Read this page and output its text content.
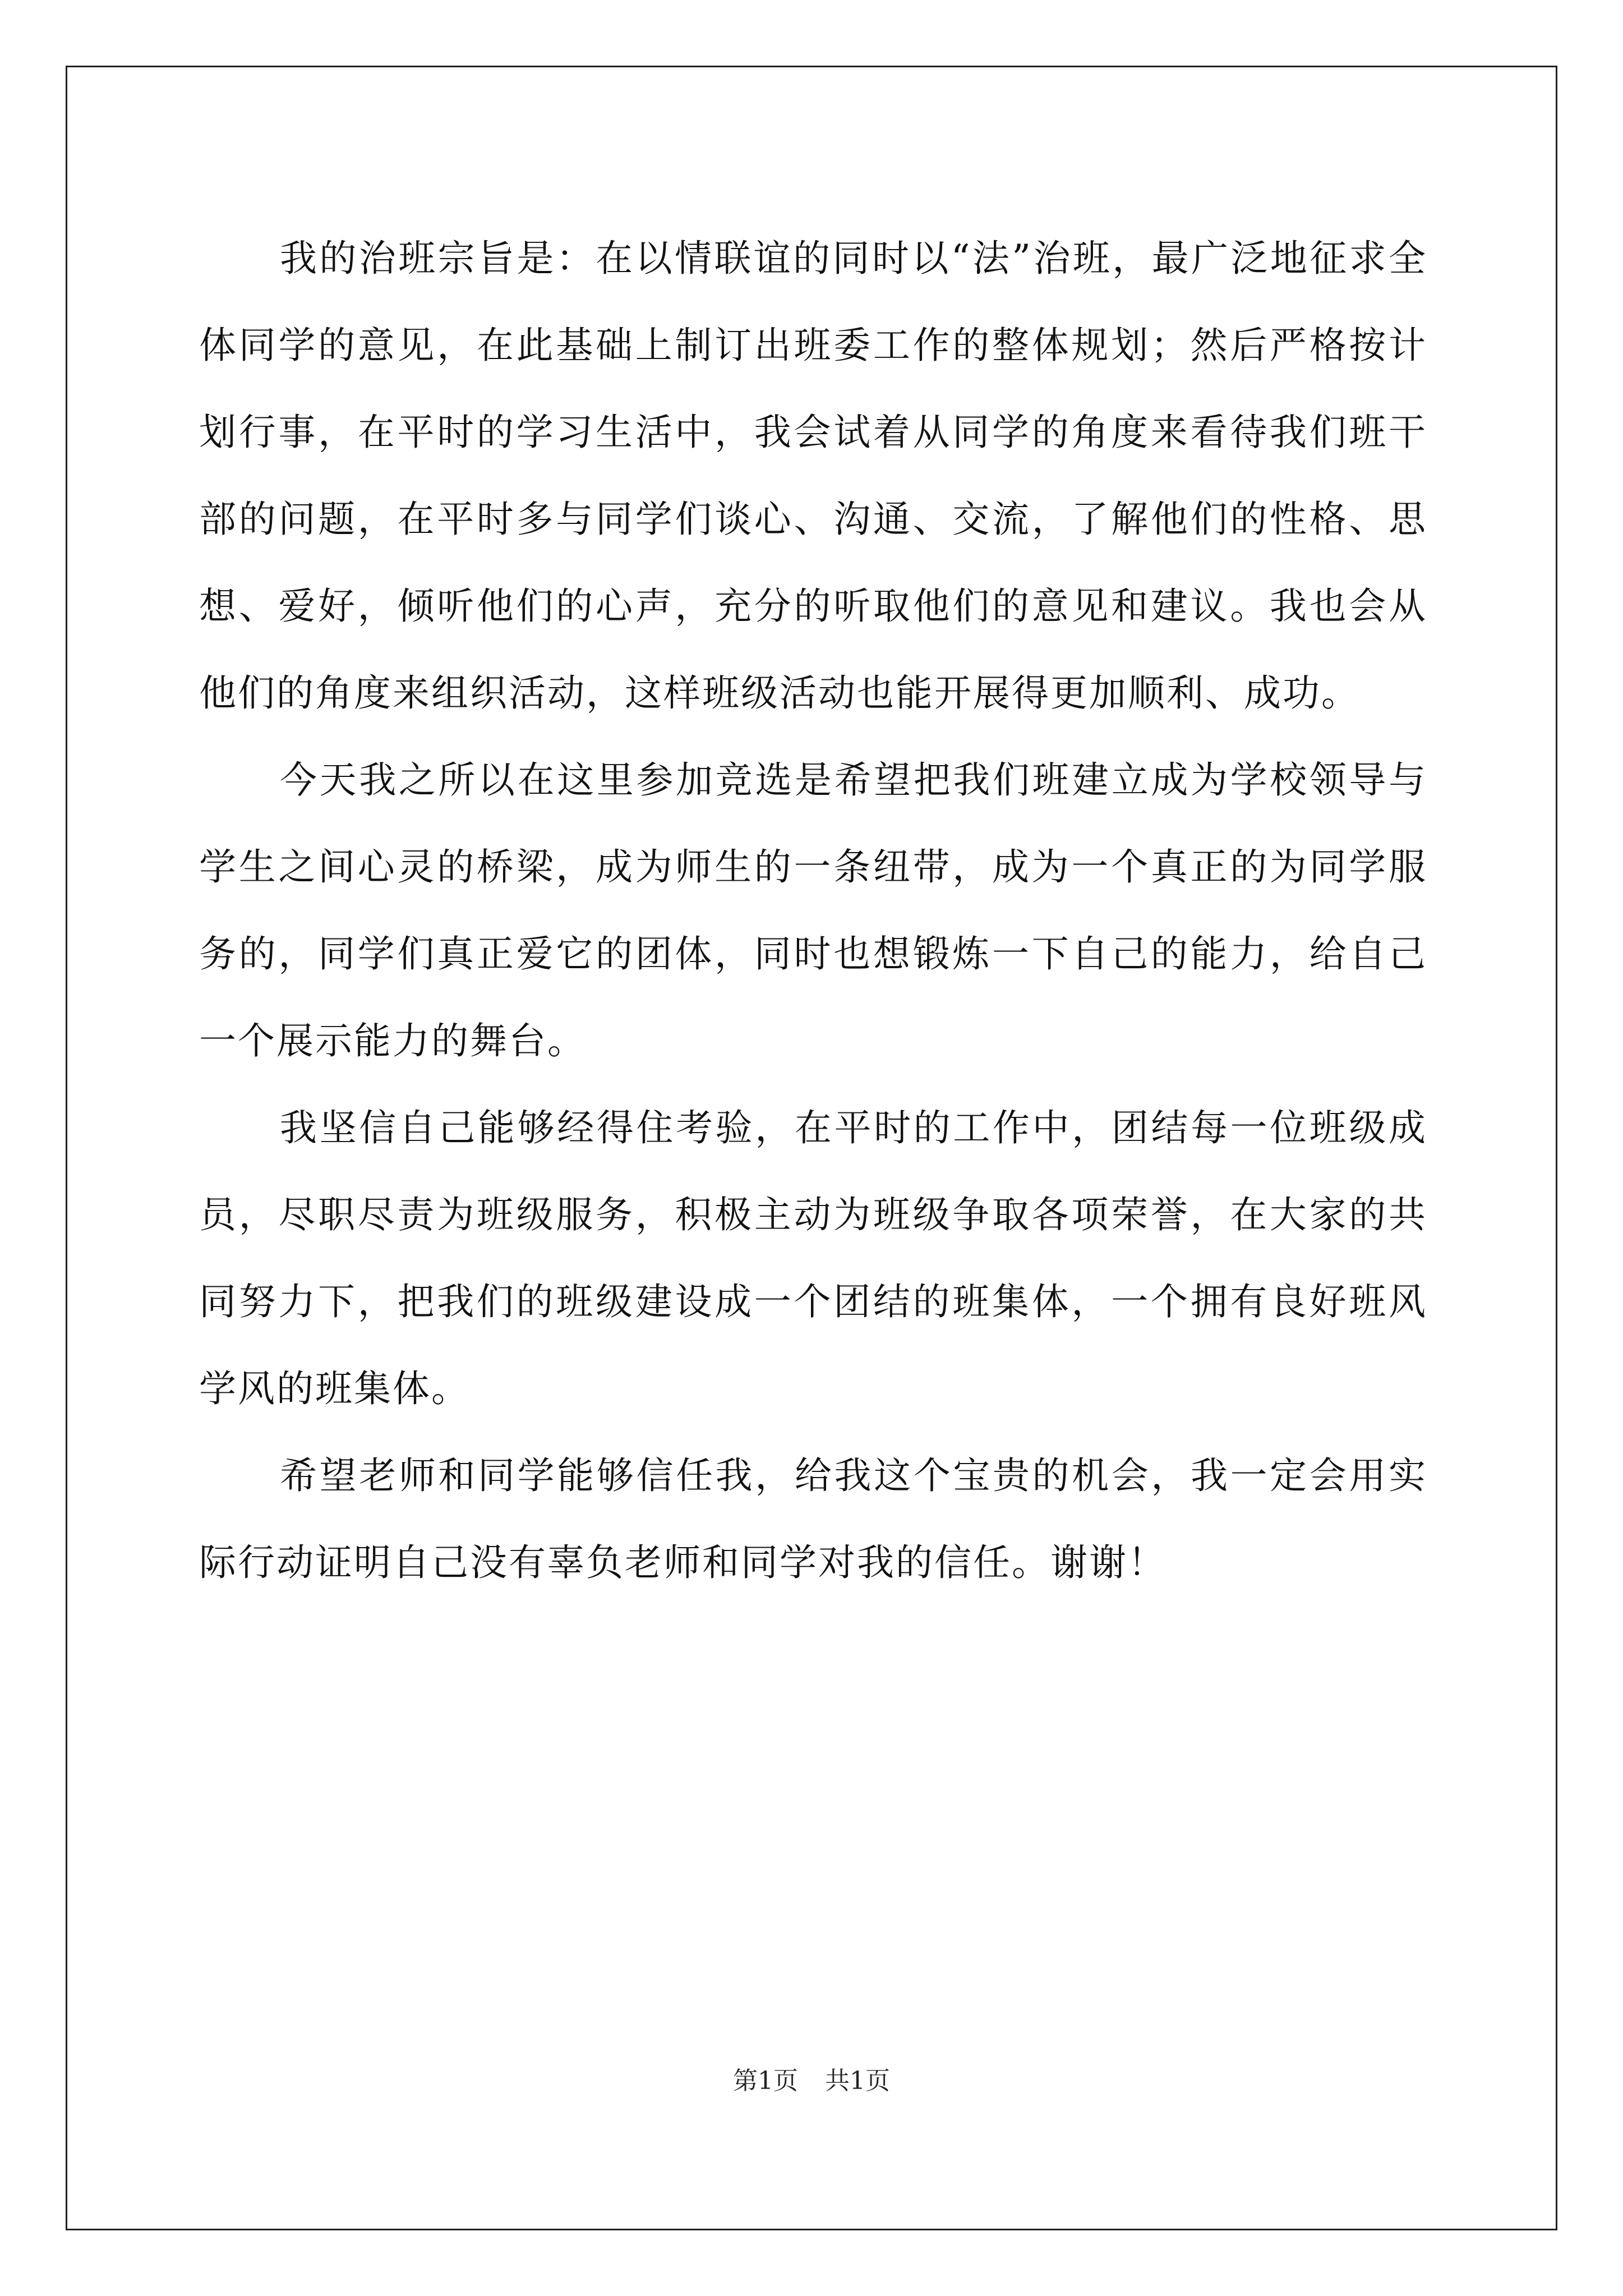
我的治班宗旨是：在以情联谊的同时以“法”治班，最广泛地征求全体同学的意见，在此基础上制订出班委工作的整体规划；然后严格按计划行事，在平时的学习生活中，我会试着从同学的角度来看待我们班干部的问题，在平时多与同学们谈心、沟通、交流，了解他们的性格、思想、爱好，倾听他们的心声，充分的听取他们的意见和建议。我也会从他们的角度来组织活动，这样班级活动也能开展得更加顺利、成功。

今天我之所以在这里参加竞选是希望把我们班建立成为学校领导与学生之间心灵的桥梁，成为师生的一条纽带，成为一个真正的为同学服务的，同学们真正爱它的团体，同时也想锻炼一下自己的能力，给自己一个展示能力的舞台。

我坚信自己能够经得住考验，在平时的工作中，团结每一位班级成员，尽职尽责为班级服务，积极主动为班级争取各项荣誉，在大家的共同努力下，把我们的班级建设成一个团结的班集体，一个拥有良好班风学风的班集体。

希望老师和同学能够信任我，给我这个宝贵的机会，我一定会用实际行动证明自己没有辜负老师和同学对我的信任。谢谢！

第1页 共1页
